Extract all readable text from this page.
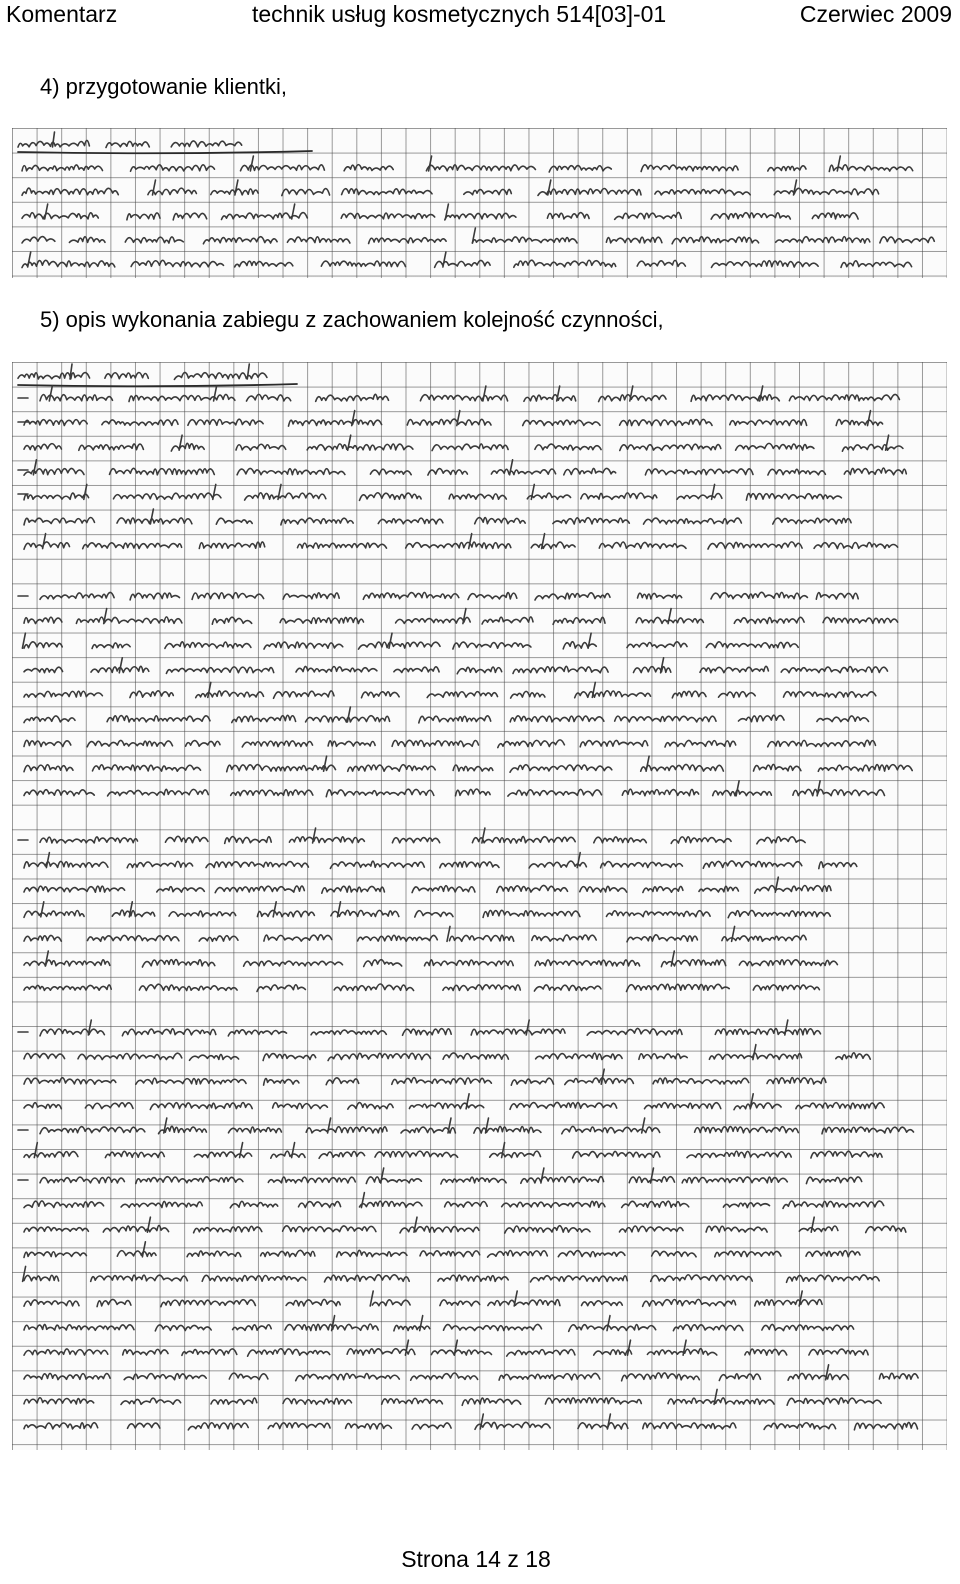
Komentarz	technik usług kosmetycznych 514[03]-01	Czerwiec 2009
4) przygotowanie klientki,
5) opis wykonania zabiegu z zachowaniem kolejność czynności,
Strona 14 z 18
